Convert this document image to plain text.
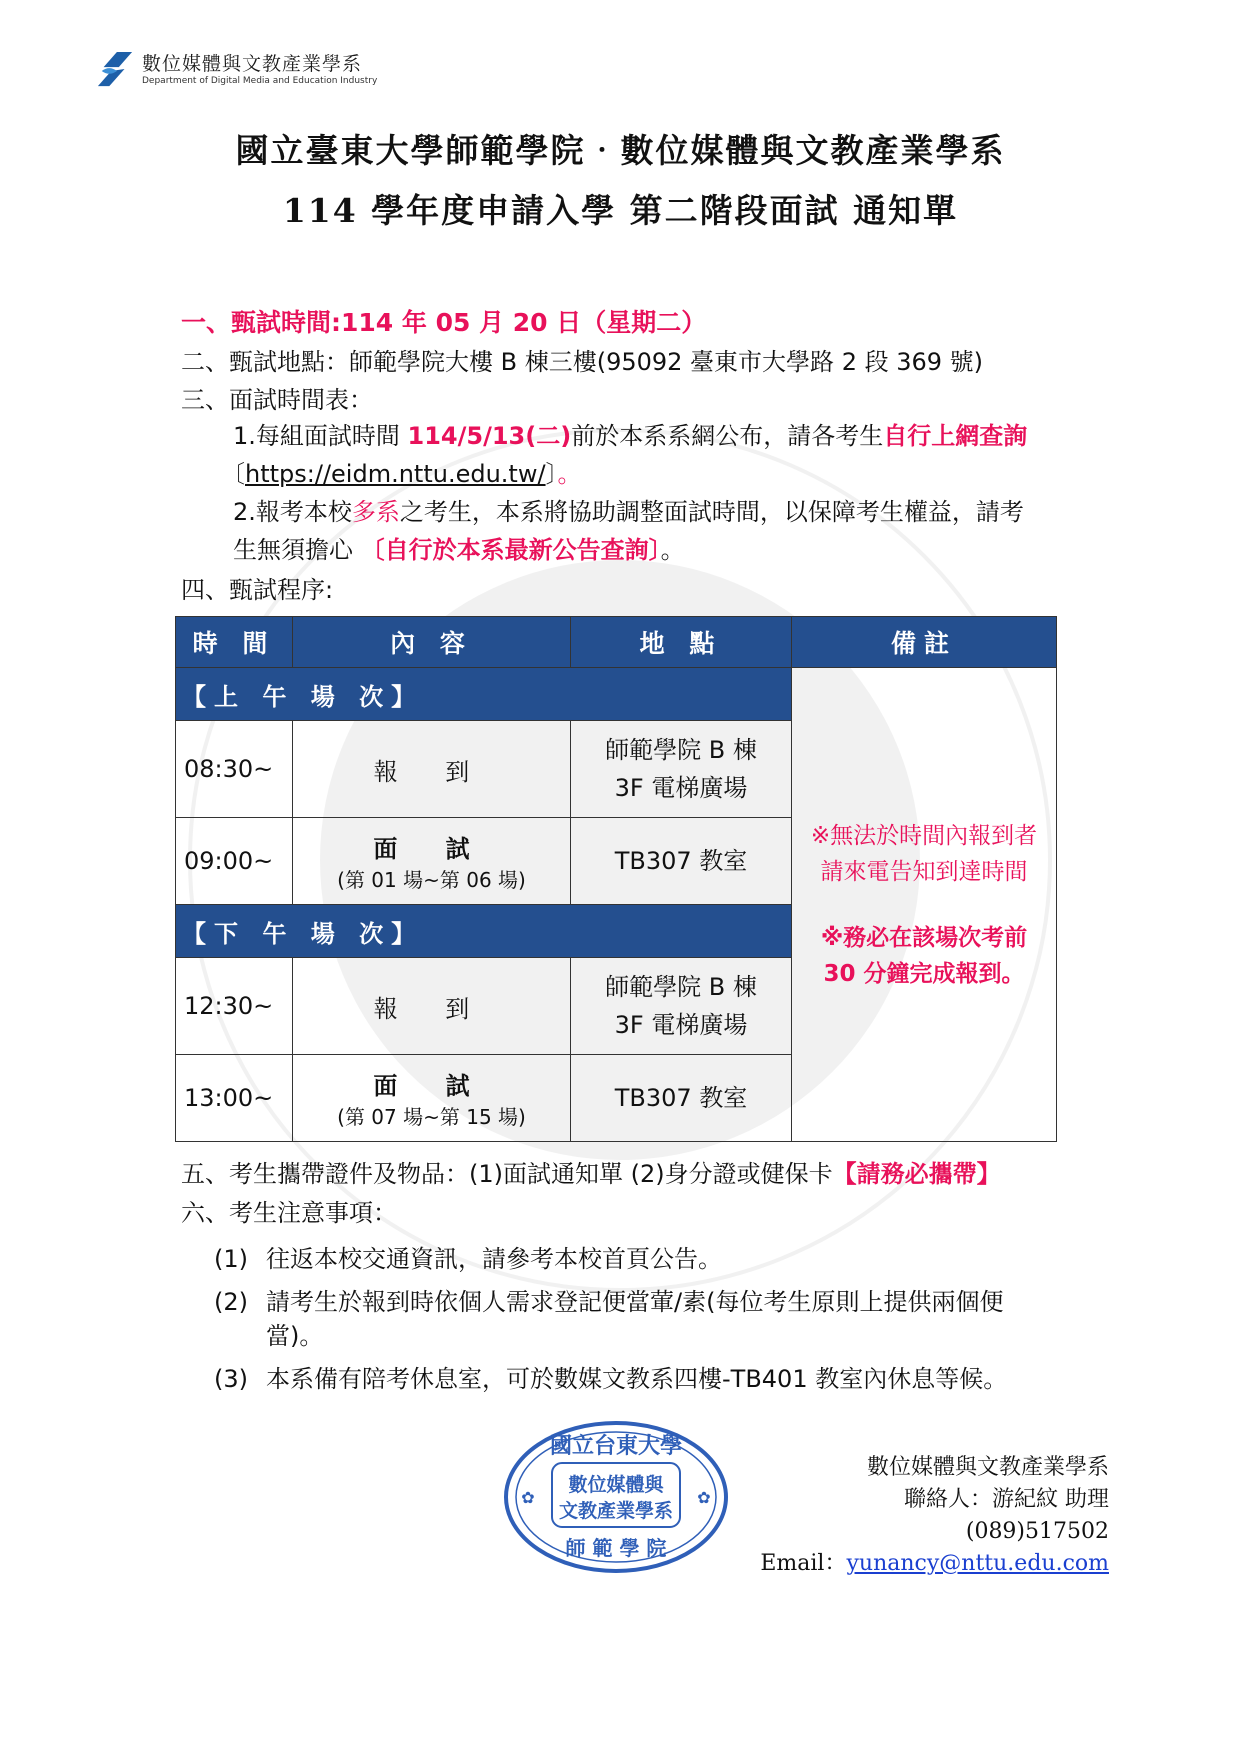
數位媒體與文教產業學系
Department of Digital Media and Education Industry
國立臺東大學師範學院‧數位媒體與文教產業學系
114 學年度申請入學 第二階段面試 通知單
一、甄試時間:114 年 05 月 20 日（星期二）
二、甄試地點：師範學院大樓 B 棟三樓(95092 臺東市大學路 2 段 369 號)
三、面試時間表：
1.每組面試時間 114/5/13(二)前於本系系網公布，請各考生自行上網查詢
〔https://eidm.nttu.edu.tw/〕。
2.報考本校多系之考生，本系將協助調整面試時間，以保障考生權益，請考
生無須擔心 〔自行於本系最新公告查詢〕。
四、甄試程序:
時 間	內 容	地 點	備註
【上 午 場 次】			※無法於時間內報到者
請來電告知到達時間
※務必在該場次考前
30 分鐘完成報到。

08:30~	報 到	師範學院 B 棟
3F 電梯廣場	

09:00~	面 試
(第 01 場~第 06 場)	TB307 教室	
【下 午 場 次】			
12:30~	報 到	師範學院 B 棟
3F 電梯廣場	

13:00~	面 試
(第 07 場~第 15 場)	TB307 教室	
五、考生攜帶證件及物品：(1)面試通知單 (2)身分證或健保卡【請務必攜帶】
六、考生注意事項：
(1) 往返本校交通資訊，請參考本校首頁公告。
(2) 請考生於報到時依個人需求登記便當葷/素(每位考生原則上提供兩個便
當)。
(3) 本系備有陪考休息室，可於數媒文教系四樓-TB401 教室內休息等候。
國立台東大學
數位媒體與
文教產業學系
師 範 學 院
✿	✿
數位媒體與文教產業學系
聯絡人：游紀紋 助理
(089)517502
Email：yunancy@nttu.edu.com
